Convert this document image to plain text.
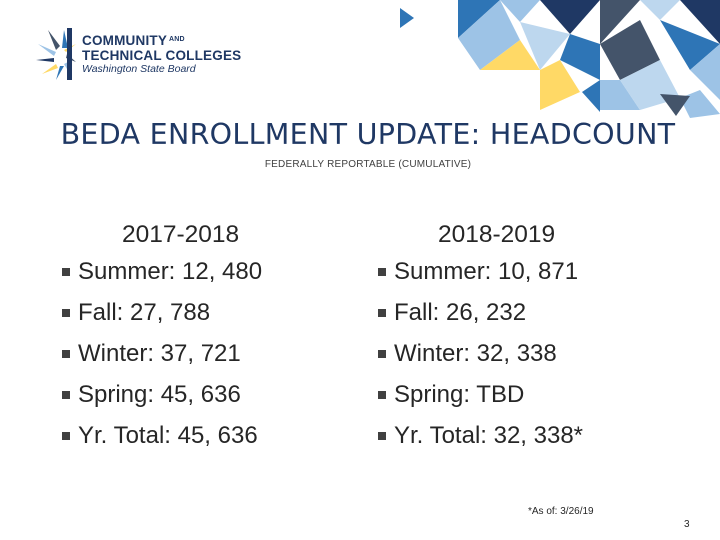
COMMUNITY $^{AND}$
TECHNICAL COLLEGES
Washington State Board
BEDA ENROLLMENT UPDATE: HEADCOUNT
FEDERALLY REPORTABLE (CUMULATIVE)
2017-2018
Summer: 12, 480
Fall: 27, 788
Winter: 37, 721
Spring: 45, 636
Yr. Total: 45, 636
2018-2019
Summer: 10, 871
Fall: 26, 232
Winter: 32, 338
Spring: TBD
Yr. Total: 32, 338*
*As of: 3/26/19
3
